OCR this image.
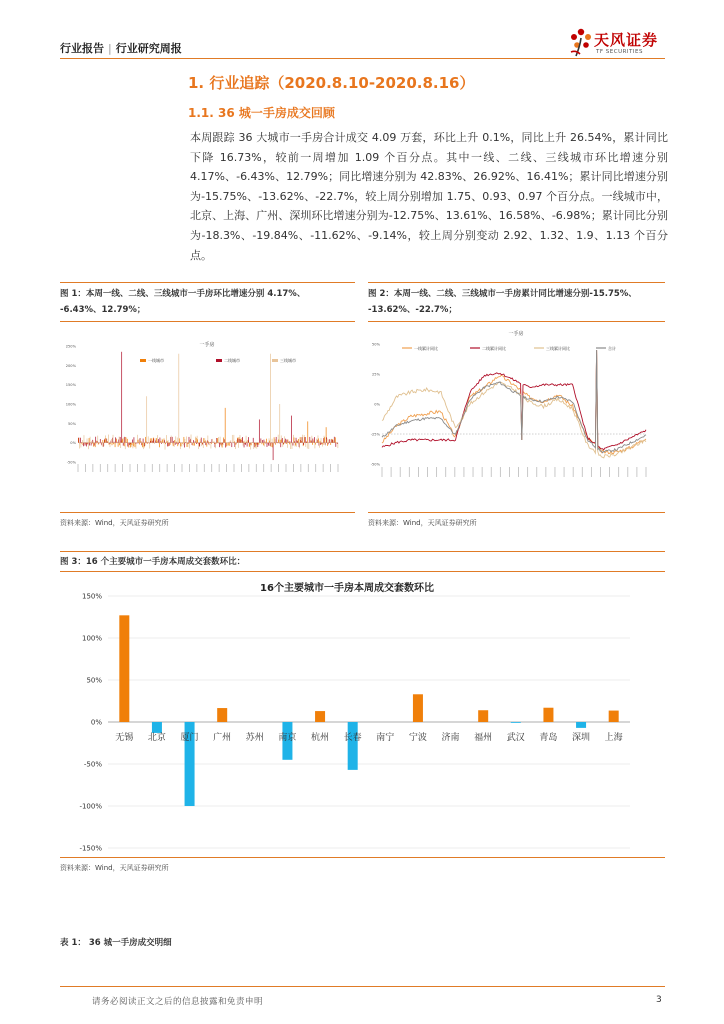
行业报告 | 行业研究周报	天风证券
TF SECURITIES
1. 行业追踪（2020.8.10-2020.8.16）
1.1. 36 城一手房成交回顾
本周跟踪 36 大城市一手房合计成交 4.09 万套，环比上升 0.1%，同比上升 26.54%，累计同比下降 16.73%，较前一周增加 1.09 个百分点。其中一线、二线、三线城市环比增速分别 4.17%、-6.43%、12.79%；同比增速分别为 42.83%、26.92%、16.41%；累计同比增速分别为-15.75%、-13.62%、-22.7%，较上周分别增加 1.75、0.93、0.97 个百分点。一线城市中，北京、上海、广州、深圳环比增速分别为-12.75%、13.61%、16.58%、-6.98%；累计同比分别为-18.3%、-19.84%、-11.62%、-9.14%，较上周分别变动 2.92、1.32、1.9、1.13 个百分点。
图 1：本周一线、二线、三线城市一手房环比增速分别 4.17%、
-6.43%、12.79%；
一手房
一线城市	二线城市	三线城市
250%
200%
150%
100%
50%
0%
-50%
资料来源：Wind，天风证券研究所
图 2：本周一线、二线、三线城市一手房累计同比增速分别-15.75%、
-13.62%、-22.7%；
一手房
一线累计同比	二线累计同比	三线累计同比	合计
50%
25%
0%
-25%
-50%
资料来源：Wind，天风证券研究所
图 3：16 个主要城市一手房本周成交套数环比：
16个主要城市一手房本周成交套数环比
150%
100%
50%
0%
-50%
-100%
-150%
无锡 北京 厦门 广州 苏州 南京 杭州 长春 南宁 宁波 济南 福州 武汉 青岛 深圳 上海
资料来源：Wind，天风证券研究所
表 1： 36 城一手房成交明细
请务必阅读正文之后的信息披露和免责申明	3
